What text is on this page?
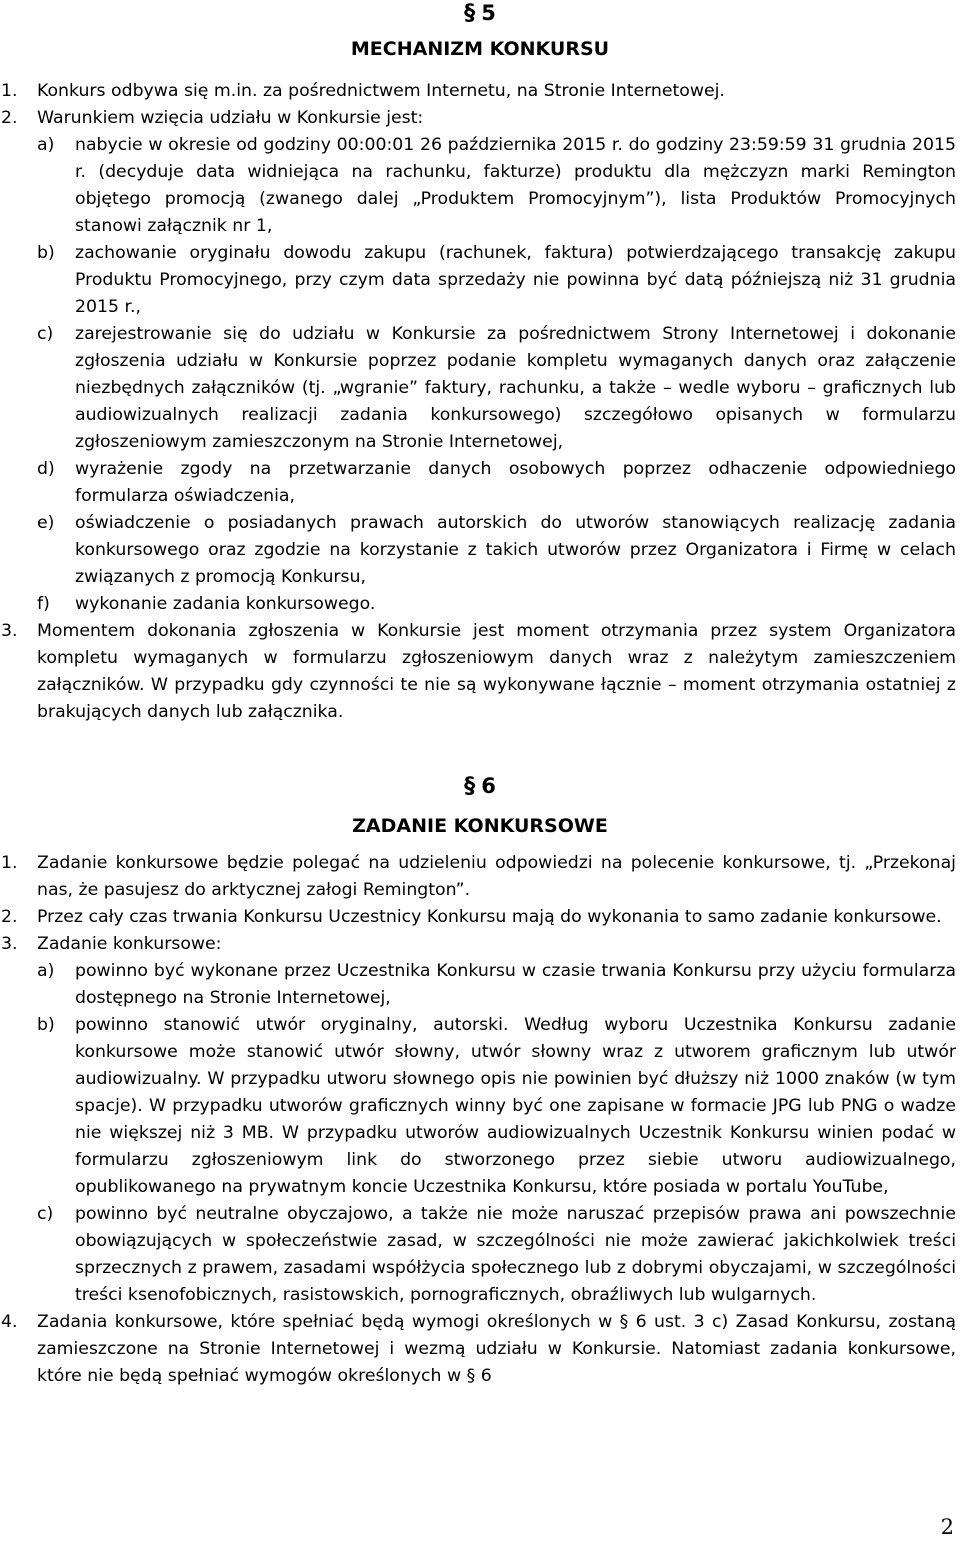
§ 5
MECHANIZM KONKURSU
1. Konkurs odbywa się m.in. za pośrednictwem Internetu, na Stronie Internetowej.
2. Warunkiem wzięcia udziału w Konkursie jest:
a) nabycie w okresie od godziny 00:00:01 26 października 2015 r. do godziny 23:59:59 31 grudnia 2015 r. (decyduje data widniejąca na rachunku, fakturze) produktu dla mężczyzn marki Remington objętego promocją (zwanego dalej „Produktem Promocyjnym”), lista Produktów Promocyjnych stanowi załącznik nr 1,
b) zachowanie oryginału dowodu zakupu (rachunek, faktura) potwierdzającego transakcję zakupu Produktu Promocyjnego, przy czym data sprzedaży nie powinna być datą późniejszą niż 31 grudnia 2015 r.,
c) zarejestrowanie się do udziału w Konkursie za pośrednictwem Strony Internetowej i dokonanie zgłoszenia udziału w Konkursie poprzez podanie kompletu wymaganych danych oraz załączenie niezbędnych załączników (tj. „wgranie” faktury, rachunku, a także – wedle wyboru – graficznych lub audiowizualnych realizacji zadania konkursowego) szczegółowo opisanych w formularzu zgłoszeniowym zamieszczonym na Stronie Internetowej,
d) wyrażenie zgody na przetwarzanie danych osobowych poprzez odhaczenie odpowiedniego formularza oświadczenia,
e) oświadczenie o posiadanych prawach autorskich do utworów stanowiących realizację zadania konkursowego oraz zgodzie na korzystanie z takich utworów przez Organizatora i Firmę w celach związanych z promocją Konkursu,
f) wykonanie zadania konkursowego.
3. Momentem dokonania zgłoszenia w Konkursie jest moment otrzymania przez system Organizatora kompletu wymaganych w formularzu zgłoszeniowym danych wraz z należytym zamieszczeniem załączników. W przypadku gdy czynności te nie są wykonywane łącznie – moment otrzymania ostatniej z brakujących danych lub załącznika.
§ 6
ZADANIE KONKURSOWE
1. Zadanie konkursowe będzie polegać na udzieleniu odpowiedzi na polecenie konkursowe, tj. „Przekonaj nas, że pasujesz do arktycznej załogi Remington”.
2. Przez cały czas trwania Konkursu Uczestnicy Konkursu mają do wykonania to samo zadanie konkursowe.
3. Zadanie konkursowe:
a) powinno być wykonane przez Uczestnika Konkursu w czasie trwania Konkursu przy użyciu formularza dostępnego na Stronie Internetowej,
b) powinno stanowić utwór oryginalny, autorski. Według wyboru Uczestnika Konkursu zadanie konkursowe może stanowić utwór słowny, utwór słowny wraz z utworem graficznym lub utwór audiowizualny. W przypadku utworu słownego opis nie powinien być dłuższy niż 1000 znaków (w tym spacje). W przypadku utworów graficznych winny być one zapisane w formacie JPG lub PNG o wadze nie większej niż 3 MB. W przypadku utworów audiowizualnych Uczestnik Konkursu winien podać w formularzu zgłoszeniowym link do stworzonego przez siebie utworu audiowizualnego, opublikowanego na prywatnym koncie Uczestnika Konkursu, które posiada w portalu YouTube,
c) powinno być neutralne obyczajowo, a także nie może naruszać przepisów prawa ani powszechnie obowiązujących w społeczeństwie zasad, w szczególności nie może zawierać jakichkolwiek treści sprzecznych z prawem, zasadami współżycia społecznego lub z dobrymi obyczajami, w szczególności treści ksenofobicznych, rasistowskich, pornograficznych, obraźliwych lub wulgarnych.
4. Zadania konkursowe, które spełniać będą wymogi określonych w § 6 ust. 3 c) Zasad Konkursu, zostaną zamieszczone na Stronie Internetowej i wezmą udziału w Konkursie. Natomiast zadania konkursowe, które nie będą spełniać wymogów określonych w § 6
2
